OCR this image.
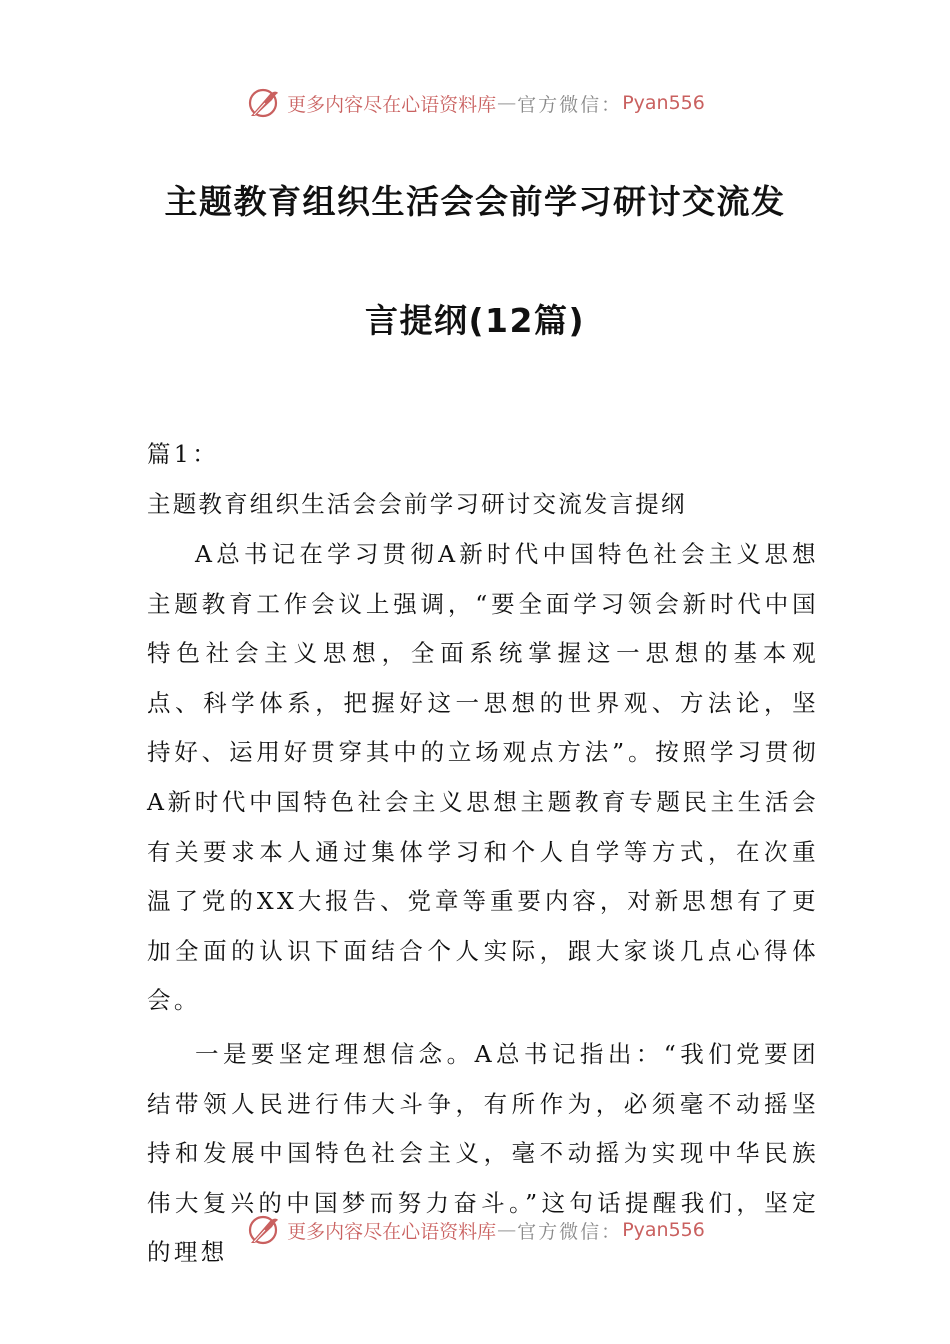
更多内容尽在心语资料库 — 官方微信： Pyan556
主题教育组织生活会会前学习研讨交流发
言提纲(12篇)

篇1：

主题教育组织生活会会前学习研讨交流发言提纲

A总书记在学习贯彻A新时代中国特色社会主义思想主题教育工作会议上强调，“要全面学习领会新时代中国特色社会主义思想，全面系统掌握这一思想的基本观点、科学体系，把握好这一思想的世界观、方法论，坚持好、运用好贯穿其中的立场观点方法”。按照学习贯彻A新时代中国特色社会主义思想主题教育专题民主生活会有关要求本人通过集体学习和个人自学等方式，在次重温了党的XX大报告、党章等重要内容，对新思想有了更加全面的认识下面结合个人实际，跟大家谈几点心得体会。

一是要坚定理想信念。A总书记指出：“我们党要团结带领人民进行伟大斗争，有所作为，必须毫不动摇坚持和发展中国特色社会主义，毫不动摇为实现中华民族伟大复兴的中国梦而努力奋斗。”这句话提醒我们，坚定的理想

更多内容尽在心语资料库 — 官方微信： Pyan556
